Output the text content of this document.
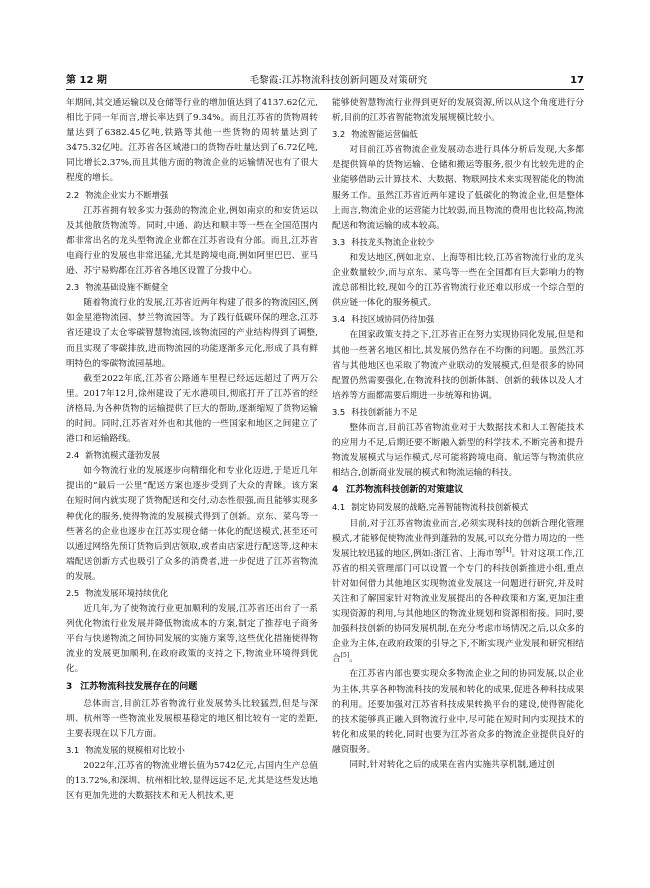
第 12 期	毛黎霞:江苏物流科技创新问题及对策研究	17

年期间,其交通运输以及仓储等行业的增加值达到了4137.62亿元,相比于同一年而言,增长率达到了9.34%。而且江苏省的货物周转量达到了6382.45亿吨,铁路等其他一些货物的周转量达到了3475.32亿吨。江苏省各区域港口的货物吞吐量达到了6.72亿吨,同比增长2.37%,而且其他方面的物流企业的运输情况也有了很大程度的增长。

2.2 物流企业实力不断增强

江苏省拥有较多实力强劲的物流企业,例如南京的和安货运以及其他散货物流等。同时,中通、韵达和顺丰等一些在全国范围内都非常出名的龙头型物流企业都在江苏省设有分部。而且,江苏省电商行业的发展也非常迅猛,尤其是跨境电商,例如阿里巴巴、亚马逊、苏宁易购都在江苏省各地区设置了分拨中心。

2.3 物流基础设施不断健全

随着物流行业的发展,江苏省近两年构建了很多的物流园区,例如金星港物流园、梦兰物流园等。为了践行低碳环保的理念,江苏省还建设了太仓零碳智慧物流园,该物流园的产业结构得到了调整,而且实现了零碳排放,进而物流园的功能逐渐多元化,形成了具有鲜明特色的零碳物流园基地。

截至2022年底,江苏省公路通车里程已经远远超过了两万公里。2017年12月,徐州建设了无水港项目,彻底打开了江苏省的经济格局,为各种货物的运输提供了巨大的帮助,逐渐缩短了货物运输的时间。同时,江苏省对外也和其他的一些国家和地区之间建立了港口和运输路线。

2.4 新物流模式蓬勃发展

如今物流行业的发展逐步向精细化和专业化迈进,于是近几年提出的“最后一公里”配送方案也逐步受到了大众的青睐。该方案在短时间内就实现了货物配送和交付,动态性很强,而且能够实现多种优化的服务,使得物流的发展模式得到了创新。京东、菜鸟等一些著名的企业也逐步在江苏实现仓储一体化的配送模式,甚至还可以通过网络先预订货物后到店领取,或者由店家进行配送等,这种末端配送创新方式也吸引了众多的消费者,进一步促进了江苏省物流的发展。

2.5 物流发展环境持续优化

近几年,为了使物流行业更加顺利的发展,江苏省还出台了一系列优化物流行业发展并降低物流成本的方案,制定了推荐电子商务平台与快递物流之间协同发展的实施方案等,这些优化措施使得物流业的发展更加顺利,在政府政策的支持之下,物流业环境得到优化。

3 江苏物流科技发展存在的问题

总体而言,目前江苏省物流行业发展势头比较猛烈,但是与深圳、杭州等一些物流业发展根基稳定的地区相比较有一定的差距,主要表现在以下几方面。

3.1 物流发展的规模相对比较小

2022年,江苏省的物流业增长值为5742亿元,占国内生产总值的13.72%,和深圳、杭州相比较,显得远远不足,尤其是这些发达地区有更加先进的大数据技术和无人机技术,更

能够使智慧物流行业得到更好的发展资源,所以从这个角度进行分析,目前的江苏省智能物流发展规模比较小。

3.2 物流智能运营偏低

对目前江苏省物流企业发展动态进行具体分析后发现,大多都是提供简单的货物运输、仓储和搬运等服务,很少有比较先进的企业能够借助云计算技术、大数据、物联网技术来实现智能化的物流服务工作。虽然江苏省近两年建设了低碳化的物流企业,但是整体上而言,物流企业的运营能力比较弱,而且物流的费用也比较高,物流配送和物流运输的成本较高。

3.3 科技龙头物流企业较少

和发达地区,例如北京、上海等相比较,江苏省物流行业的龙头企业数量较少,而与京东、菜鸟等一些在全国都有巨大影响力的物流总部相比较,现如今的江苏省物流行业还难以形成一个综合型的供应链一体化的服务模式。

3.4 科技区域协同仍待加强

在国家政策支持之下,江苏省正在努力实现协同化发展,但是和其他一些著名地区相比,其发展仍然存在不均衡的问题。虽然江苏省与其他地区也采取了物流产业联动的发展模式,但是很多的协同配置仍然需要强化,在物流科技的创新体制、创新的载体以及人才培养等方面都需要后期进一步统筹和协调。

3.5 科技创新能力不足

整体而言,目前江苏省物流业对于大数据技术和人工智能技术的应用力不足,后期还要不断融入新型的科学技术,不断完善和提升物流发展模式与运作模式,尽可能将跨境电商、航运等与物流供应相结合,创新商业发展的模式和物流运输的科技。

4 江苏物流科技创新的对策建议
4.1 制定协同发展的战略,完善智能物流科技创新模式

目前,对于江苏省物流业而言,必须实现科技的创新合理化管理模式,才能够促使物流业得到蓬勃的发展,可以充分借力周边的一些发展比较迅猛的地区,例如:浙江省、上海市等[4]。针对这项工作,江苏省的相关管理部门可以设置一个专门的科技创新推进小组,重点针对如何借力其他地区实现物流业发展这一问题进行研究,并及时关注和了解国家针对物流业发展提出的各种政策和方案,更加注重实现资源的利用,与其他地区的物流业规划和资源相衔接。同时,要加强科技创新的协同发展机制,在充分考虑市场情况之后,以众多的企业为主体,在政府政策的引导之下,不断实现产业发展和研究相结合[5]。

在江苏省内部也要实现众多物流企业之间的协同发展,以企业为主体,共享各种物流科技的发展和转化的成果,促进各种科技成果的利用。还要加强对江苏省科技成果转换平台的建设,使得智能化的技术能够真正融入到物流行业中,尽可能在短时间内实现技术的转化和成果的转化,同时也要为江苏省众多的物流企业提供良好的融资服务。

同时,针对转化之后的成果在省内实施共享机制,通过创
